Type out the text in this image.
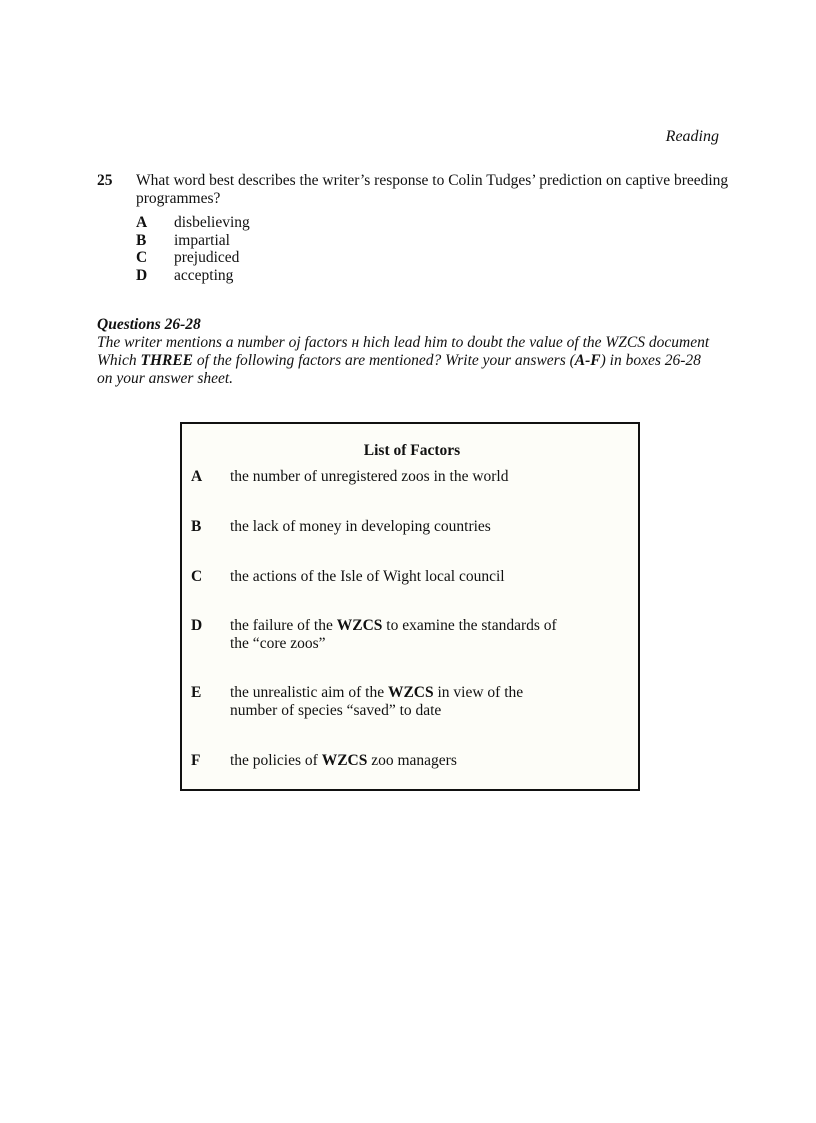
Reading
25 What word best describes the writer’s response to Colin Tudges’ prediction on captive breeding programmes?
A	disbelieving
B	impartial
C	prejudiced
D	accepting
Questions 26-28
The writer mentions a number oj factors н hich lead him to doubt the value of the WZCS document Which THREE of the following factors are mentioned? Write your answers (A-F) in boxes 26-28 on your answer sheet.
List of Factors
A	the number of unregistered zoos in the world
B	the lack of money in developing countries
C	the actions of the Isle of Wight local council
D	the failure of the WZCS to examine the standards of
the “core zoos”
E	the unrealistic aim of the WZCS in view of the
number of species “saved” to date
F	the policies of WZCS zoo managers
